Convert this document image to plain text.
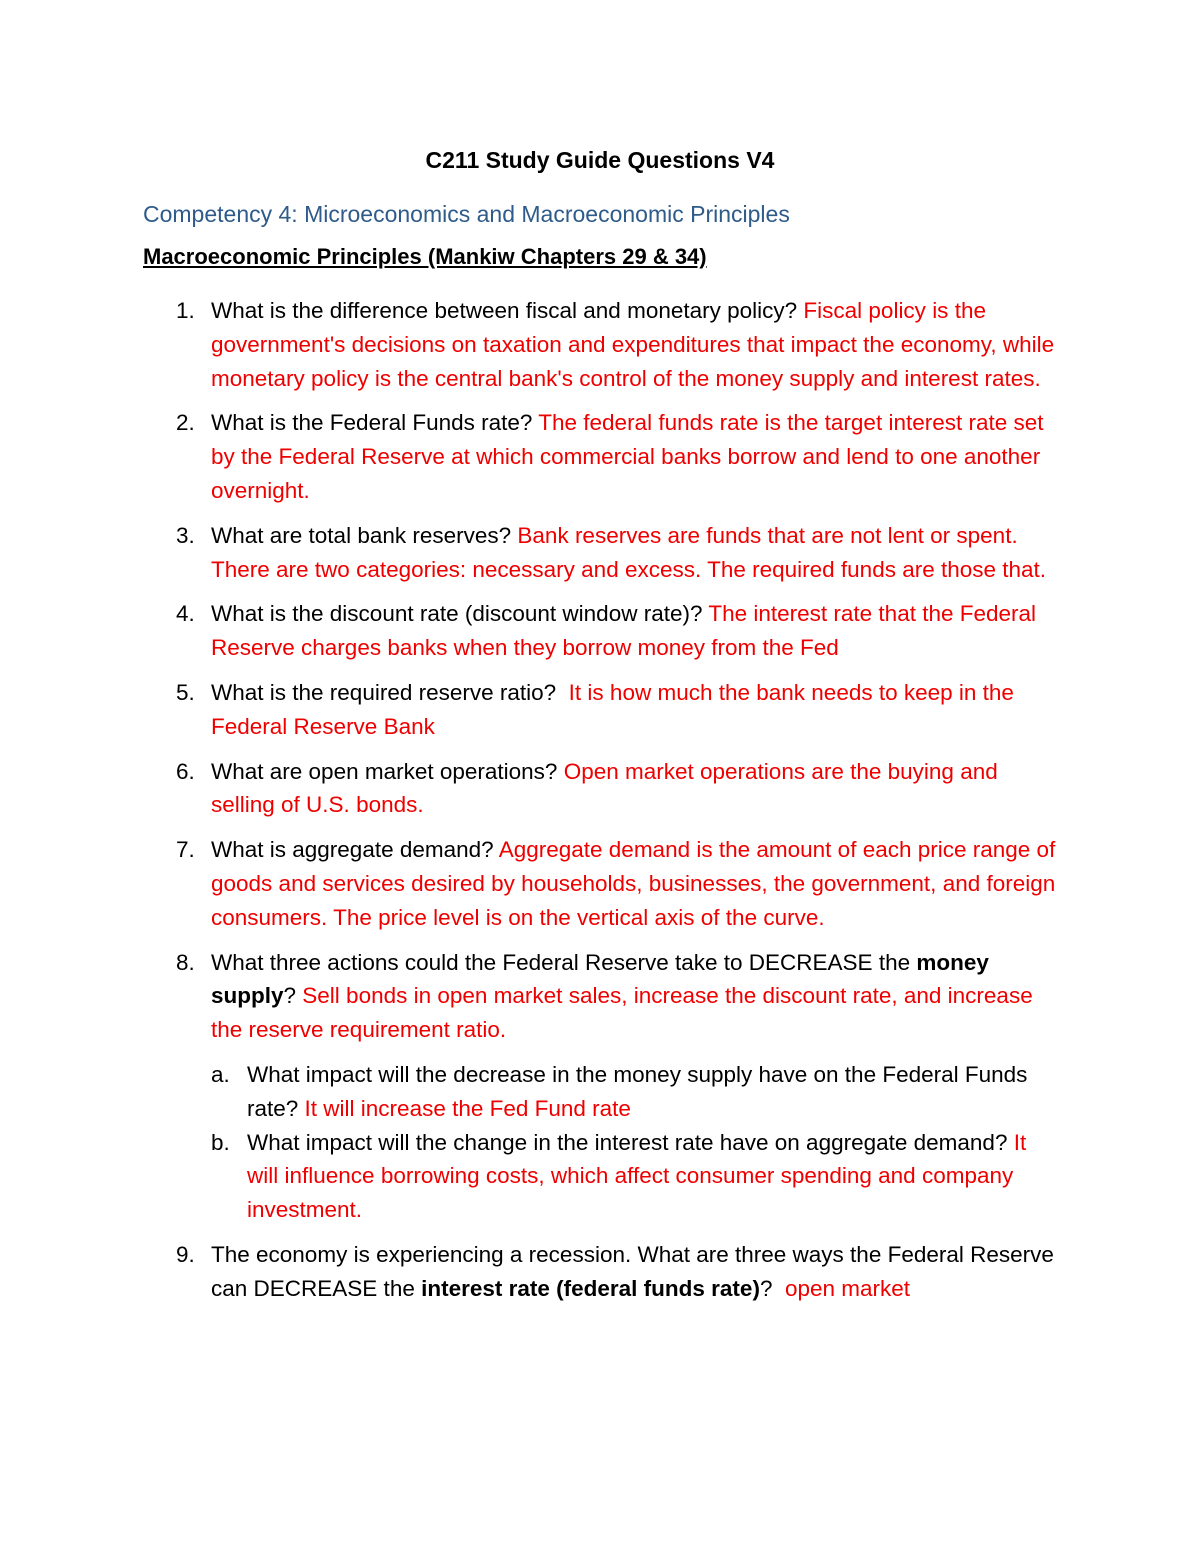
C211 Study Guide Questions V4
Competency 4: Microeconomics and Macroeconomic Principles
Macroeconomic Principles (Mankiw Chapters 29 & 34)
1. What is the difference between fiscal and monetary policy? Fiscal policy is the government's decisions on taxation and expenditures that impact the economy, while monetary policy is the central bank's control of the money supply and interest rates.
2. What is the Federal Funds rate? The federal funds rate is the target interest rate set by the Federal Reserve at which commercial banks borrow and lend to one another overnight.
3. What are total bank reserves? Bank reserves are funds that are not lent or spent. There are two categories: necessary and excess. The required funds are those that.
4. What is the discount rate (discount window rate)? The interest rate that the Federal Reserve charges banks when they borrow money from the Fed
5. What is the required reserve ratio?  It is how much the bank needs to keep in the Federal Reserve Bank
6. What are open market operations? Open market operations are the buying and selling of U.S. bonds.
7. What is aggregate demand? Aggregate demand is the amount of each price range of goods and services desired by households, businesses, the government, and foreign consumers. The price level is on the vertical axis of the curve.
8. What three actions could the Federal Reserve take to DECREASE the money supply? Sell bonds in open market sales, increase the discount rate, and increase the reserve requirement ratio.
a. What impact will the decrease in the money supply have on the Federal Funds rate? It will increase the Fed Fund rate
b. What impact will the change in the interest rate have on aggregate demand? It will influence borrowing costs, which affect consumer spending and company investment.
9. The economy is experiencing a recession. What are three ways the Federal Reserve can DECREASE the interest rate (federal funds rate)?  open market
